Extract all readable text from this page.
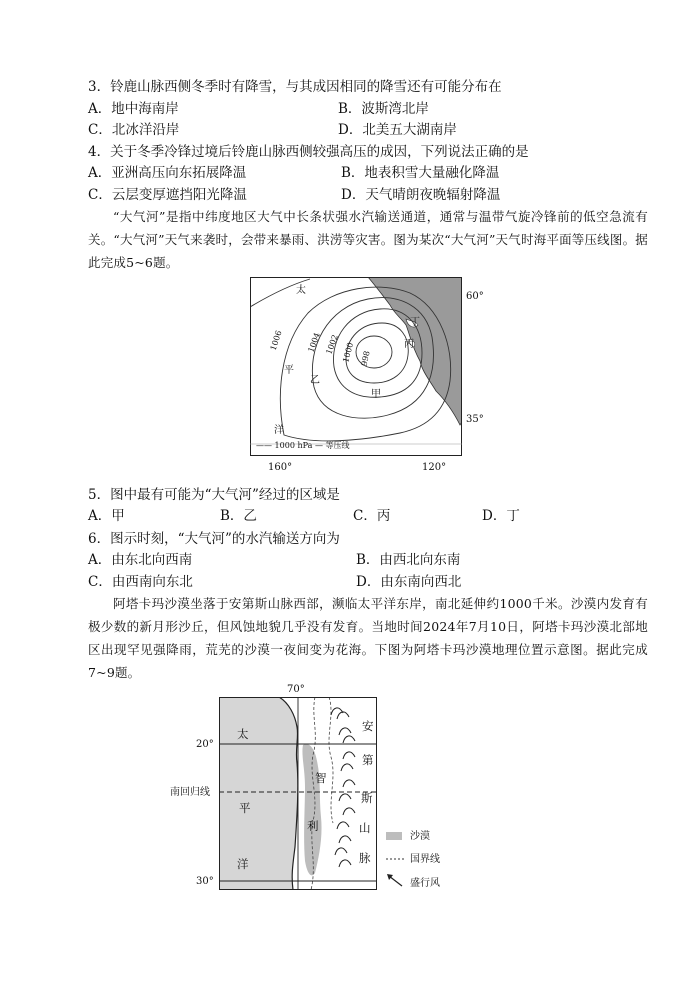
3．铃鹿山脉西侧冬季时有降雪，与其成因相同的降雪还有可能分布在
A．地中海南岸	B．波斯湾北岸
C．北冰洋沿岸	D．北美五大湖南岸
4．关于冬季冷锋过境后铃鹿山脉西侧较强高压的成因，下列说法正确的是
A．亚洲高压向东拓展降温	B．地表积雪大量融化降温
C．云层变厚遮挡阳光降温	D．天气晴朗夜晚辐射降温
“大气河”是指中纬度地区大气中长条状强水汽输送通道，通常与温带气旋冷锋前的低空急流有关。“大气河”天气来袭时，会带来暴雨、洪涝等灾害。图为某次“大气河”天气时海平面等压线图。据此完成5~6题。
太
平
洋
1006	1004 1002 1000 998
丙
丁
乙
甲
—— 1000 hPa — 等压线
60°
35°
160°	120°
5．图中最有可能为“大气河”经过的区域是
A．甲	B．乙	C．丙	D．丁
6．图示时刻，“大气河”的水汽输送方向为
A．由东北向西南	B．由西北向东南
C．由西南向东北	D．由东南向西北
阿塔卡玛沙漠坐落于安第斯山脉西部，濒临太平洋东岸，南北延伸约1000千米。沙漠内发育有极少数的新月形沙丘，但风蚀地貌几乎没有发育。当地时间2024年7月10日，阿塔卡玛沙漠北部地区出现罕见强降雨，荒芜的沙漠一夜间变为花海。下图为阿塔卡玛沙漠地理位置示意图。据此完成7~9题。
70°
太
平
洋
智
利
安
第
斯
山
脉
20°
南回归线
30°
沙漠
国界线
盛行风
